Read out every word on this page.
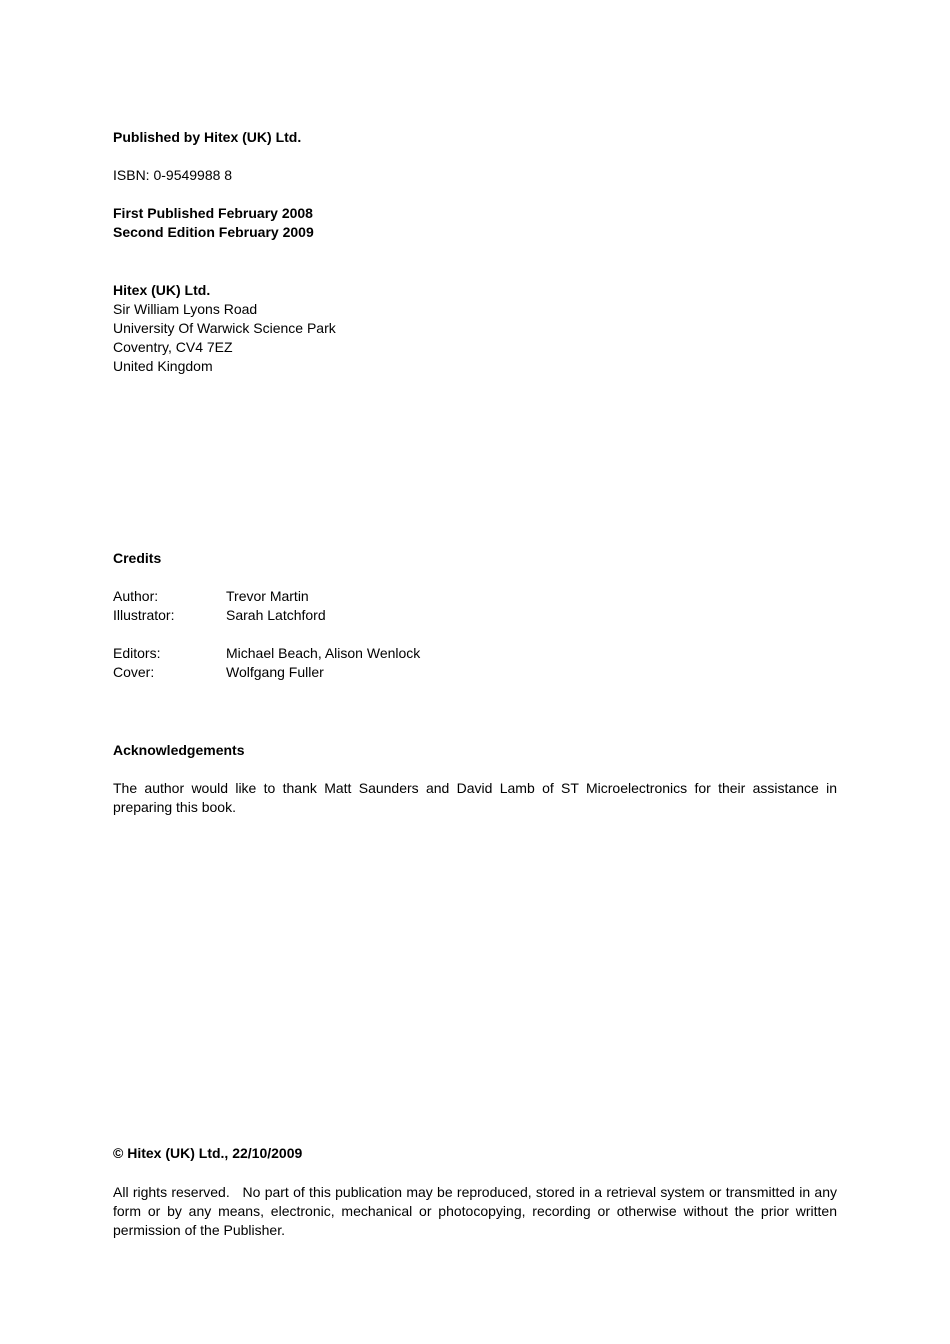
Published by Hitex (UK) Ltd.
ISBN: 0-9549988 8
First Published February 2008
Second Edition February 2009
Hitex (UK) Ltd.
Sir William Lyons Road
University Of Warwick Science Park
Coventry, CV4 7EZ
United Kingdom
Credits
Author:	Trevor Martin
Illustrator:	Sarah Latchford
Editors:	Michael Beach, Alison Wenlock
Cover:	Wolfgang Fuller
Acknowledgements
The author would like to thank Matt Saunders and David Lamb of ST Microelectronics for their assistance in preparing this book.
© Hitex (UK) Ltd., 22/10/2009
All rights reserved.   No part of this publication may be reproduced, stored in a retrieval system or transmitted in any form or by any means, electronic, mechanical or photocopying, recording or otherwise without the prior written permission of the Publisher.
